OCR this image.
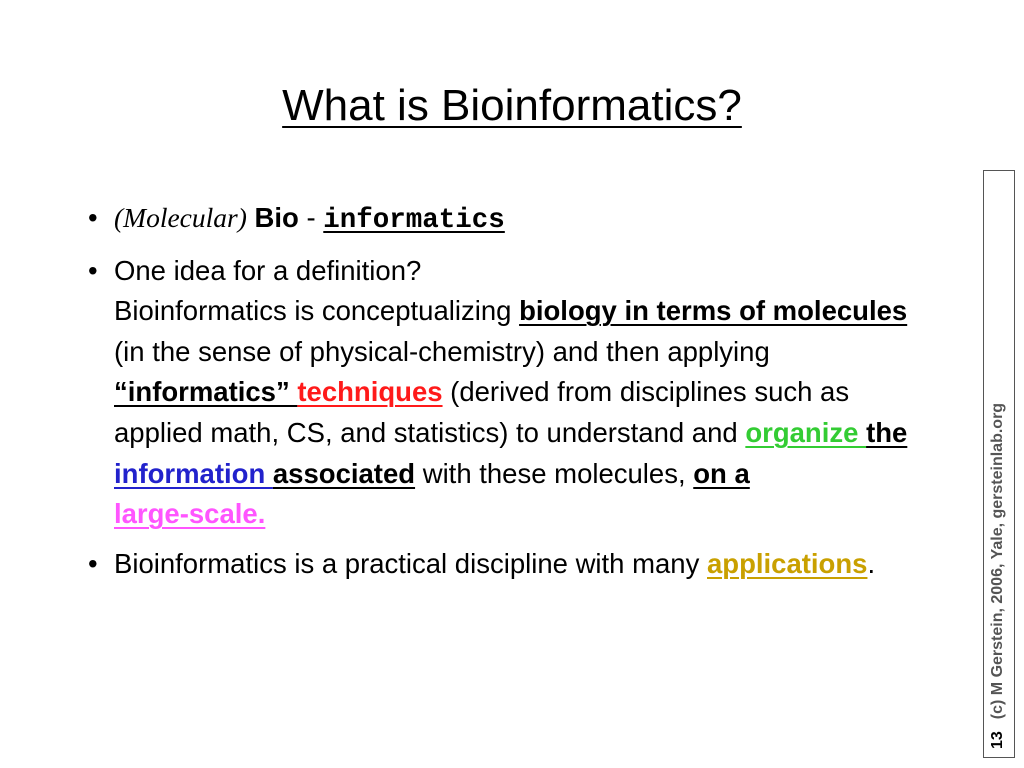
What is Bioinformatics?
• (Molecular) Bio - informatics
• One idea for a definition?
Bioinformatics is conceptualizing biology in terms of molecules (in the sense of physical-chemistry) and then applying “informatics” techniques (derived from disciplines such as applied math, CS, and statistics) to understand and organize the
information associated with these molecules, on a
large-scale.
• Bioinformatics is a practical discipline with many applications.
13(c) M Gerstein, 2006, Yale, gersteinlab.org
